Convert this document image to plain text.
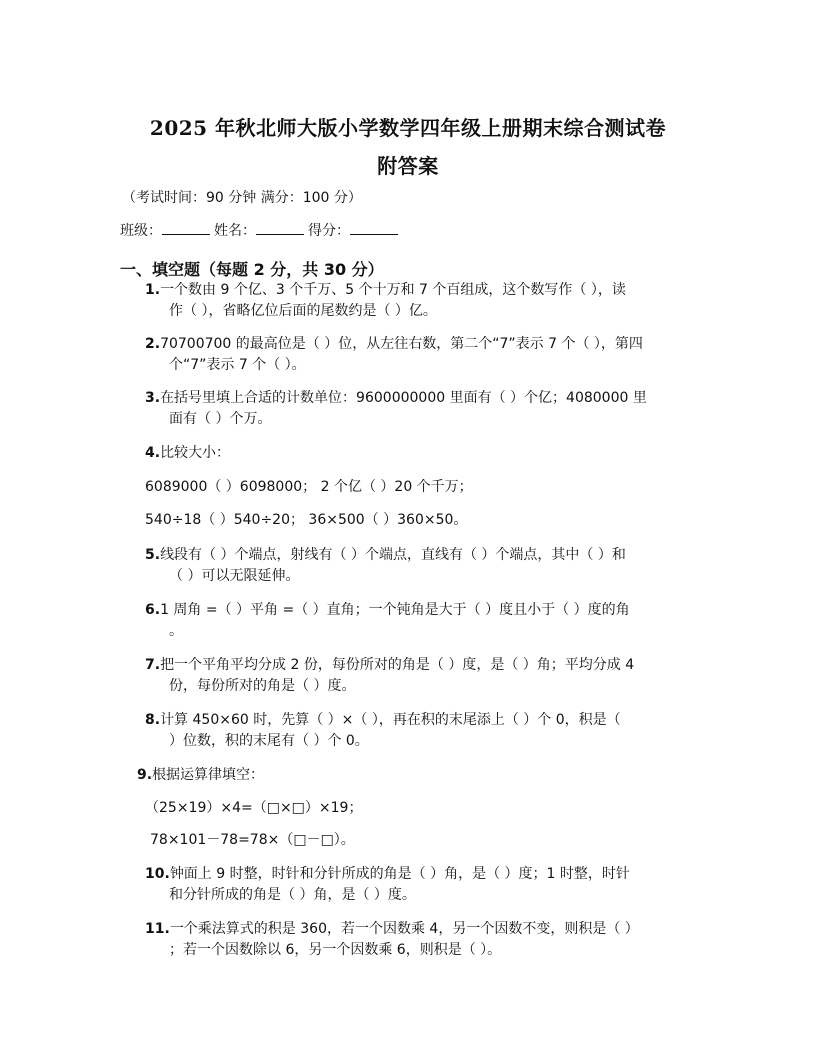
2025 年秋北师大版小学数学四年级上册期末综合测试卷
附答案
（考试时间：90 分钟 满分：100 分）
班级：	姓名：	得分：
一、填空题（每题 2 分，共 30 分）
1.一个数由 9 个亿、3 个千万、5 个十万和 7 个百组成，这个数写作（ ），读
作（ ），省略亿位后面的尾数约是（ ）亿。
2.70700700 的最高位是（ ）位，从左往右数，第二个“7”表示 7 个（ ），第四
个“7”表示 7 个（ ）。
3.在括号里填上合适的计数单位：9600000000 里面有（ ）个亿；4080000 里
面有（ ）个万。
4.比较大小：
6089000（ ）6098000； 2 个亿（ ）20 个千万；
540÷18（ ）540÷20； 36×500（ ）360×50。
5.线段有（ ）个端点，射线有（ ）个端点，直线有（ ）个端点，其中（ ）和
（ ）可以无限延伸。
6.1 周角 =（ ）平角 =（ ）直角；一个钝角是大于（ ）度且小于（ ）度的角
。
7.把一个平角平均分成 2 份，每份所对的角是（ ）度，是（ ）角；平均分成 4
份，每份所对的角是（ ）度。
8.计算 450×60 时，先算（ ）×（ ），再在积的末尾添上（ ）个 0，积是（
）位数，积的末尾有（ ）个 0。
9.根据运算律填空：
（25×19）×4=（□×□）×19；
78×101－78=78×（□－□）。
10.钟面上 9 时整，时针和分针所成的角是（ ）角，是（ ）度；1 时整，时针
和分针所成的角是（ ）角，是（ ）度。
11.一个乘法算式的积是 360，若一个因数乘 4，另一个因数不变，则积是（ ）
；若一个因数除以 6，另一个因数乘 6，则积是（ ）。
